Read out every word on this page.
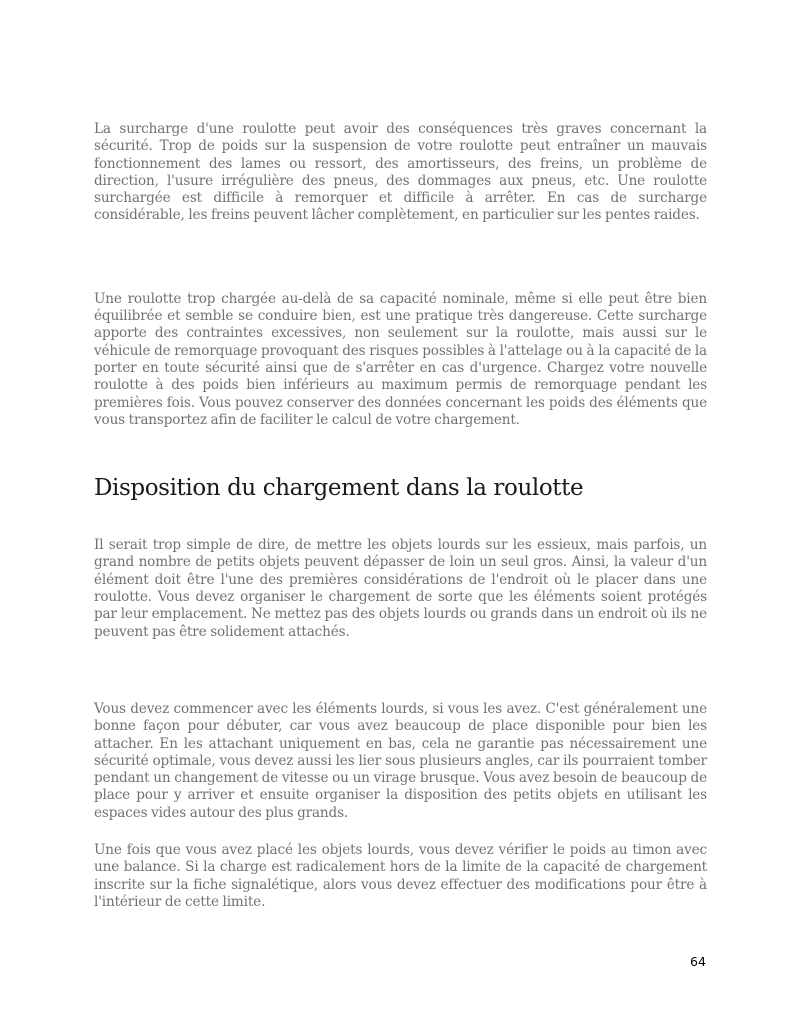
La surcharge d'une roulotte peut avoir des conséquences très graves concernant la sécurité. Trop de poids sur la suspension de votre roulotte peut entraîner un mauvais fonctionnement des lames ou ressort, des amortisseurs, des freins, un problème de direction, l'usure irrégulière des pneus, des dommages aux pneus, etc. Une roulotte surchargée est difficile à remorquer et difficile à arrêter. En cas de surcharge considérable, les freins peuvent lâcher complètement, en particulier sur les pentes raides.

Une roulotte trop chargée au-delà de sa capacité nominale, même si elle peut être bien équilibrée et semble se conduire bien, est une pratique très dangereuse. Cette surcharge apporte des contraintes excessives, non seulement sur la roulotte, mais aussi sur le véhicule de remorquage provoquant des risques possibles à l'attelage ou à la capacité de la porter en toute sécurité ainsi que de s'arrêter en cas d'urgence. Chargez votre nouvelle roulotte à des poids bien inférieurs au maximum permis de remorquage pendant les premières fois. Vous pouvez conserver des données concernant les poids des éléments que vous transportez afin de faciliter le calcul de votre chargement.

Disposition du chargement dans la roulotte

Il serait trop simple de dire, de mettre les objets lourds sur les essieux, mais parfois, un grand nombre de petits objets peuvent dépasser de loin un seul gros. Ainsi, la valeur d'un élément doit être l'une des premières considérations de l'endroit où le placer dans une roulotte. Vous devez organiser le chargement de sorte que les éléments soient protégés par leur emplacement. Ne mettez pas des objets lourds ou grands dans un endroit où ils ne peuvent pas être solidement attachés.

Vous devez commencer avec les éléments lourds, si vous les avez. C'est généralement une bonne façon pour débuter, car vous avez beaucoup de place disponible pour bien les attacher. En les attachant uniquement en bas, cela ne garantie pas nécessairement une sécurité optimale, vous devez aussi les lier sous plusieurs angles, car ils pourraient tomber pendant un changement de vitesse ou un virage brusque. Vous avez besoin de beaucoup de place pour y arriver et ensuite organiser la disposition des petits objets en utilisant les espaces vides autour des plus grands.

Une fois que vous avez placé les objets lourds, vous devez vérifier le poids au timon avec une balance. Si la charge est radicalement hors de la limite de la capacité de chargement inscrite sur la fiche signalétique, alors vous devez effectuer des modifications pour être à l'intérieur de cette limite.

64
